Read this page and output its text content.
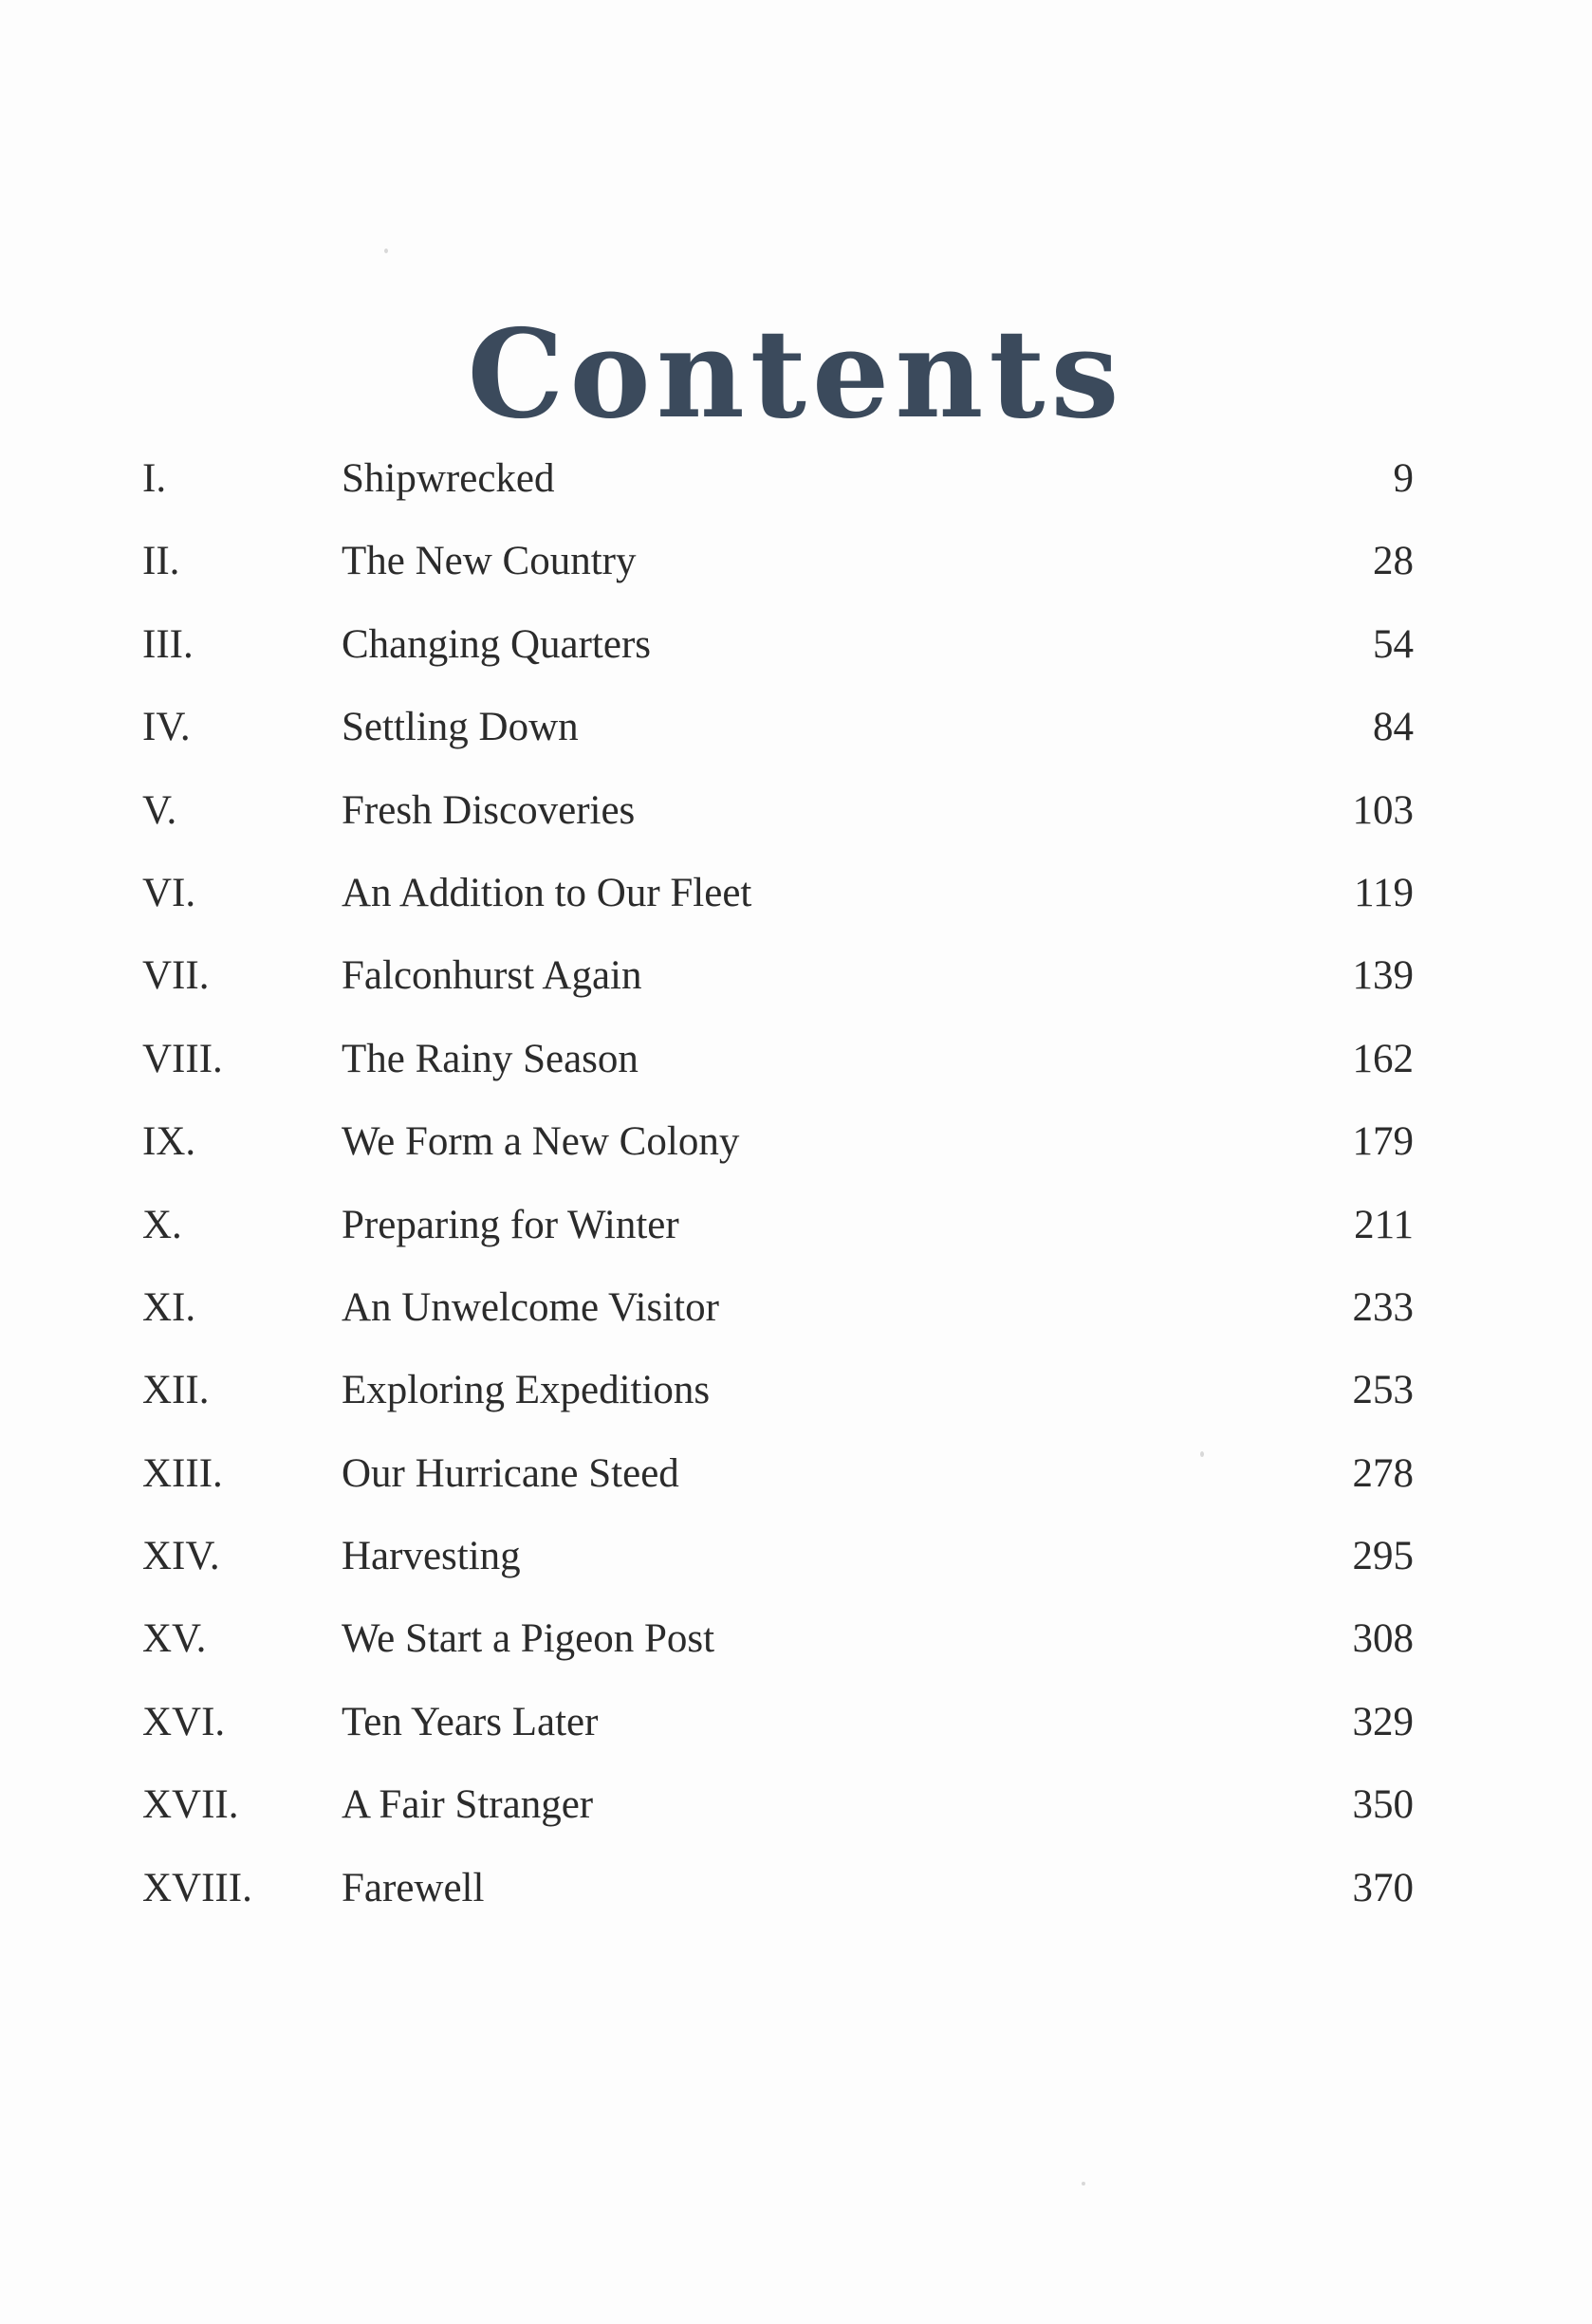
Contents
I.	Shipwrecked	9
II.	The New Country	28
III.	Changing Quarters	54
IV.	Settling Down	84
V.	Fresh Discoveries	103
VI.	An Addition to Our Fleet	119
VII.	Falconhurst Again	139
VIII.	The Rainy Season	162
IX.	We Form a New Colony	179
X.	Preparing for Winter	211
XI.	An Unwelcome Visitor	233
XII.	Exploring Expeditions	253
XIII.	Our Hurricane Steed	278
XIV.	Harvesting	295
XV.	We Start a Pigeon Post	308
XVI.	Ten Years Later	329
XVII.	A Fair Stranger	350
XVIII.	Farewell	370
